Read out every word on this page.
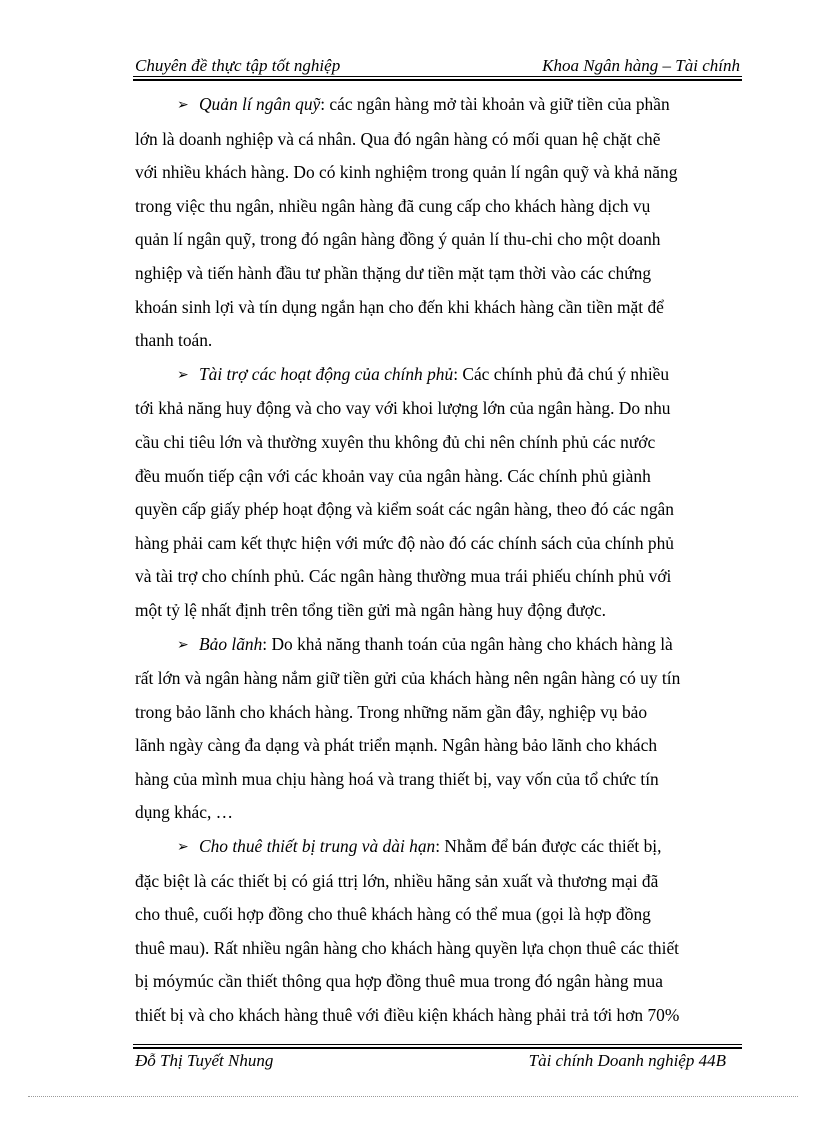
Chuyên đề thực tập tốt nghiệp	Khoa Ngân hàng – Tài chính

➢ Quản lí ngân quỹ: các ngân hàng mở tài khoản và giữ tiền của phần
lớn là doanh nghiệp và cá nhân. Qua đó ngân hàng có mối quan hệ chặt chẽ
với nhiều khách hàng. Do có kinh nghiệm trong quản lí ngân quỹ và khả năng
trong việc thu ngân, nhiều ngân hàng đã cung cấp cho khách hàng dịch vụ
quản lí ngân quỹ, trong đó ngân hàng đồng ý quản lí thu-chi cho một doanh
nghiệp và tiến hành đầu tư phần thặng dư tiền mặt tạm thời vào các chứng
khoán sinh lợi và tín dụng ngắn hạn cho đến khi khách hàng cần tiền mặt để
thanh toán.

➢ Tài trợ các hoạt động của chính phủ: Các chính phủ đả chú ý nhiều
tới khả năng huy động và cho vay với khoi lượng lớn của ngân hàng. Do nhu
cầu chi tiêu lớn và thường xuyên thu không đủ chi nên chính phủ các nước
đều muốn tiếp cận với các khoản vay của ngân hàng. Các chính phủ giành
quyền cấp giấy phép hoạt động và kiểm soát các ngân hàng, theo đó các ngân
hàng phải cam kết thực hiện với mức độ nào đó các chính sách của chính phủ
và tài trợ cho chính phủ. Các ngân hàng thường mua trái phiếu chính phủ với
một tỷ lệ nhất định trên tổng tiền gửi mà ngân hàng huy động được.

➢ Bảo lãnh: Do khả năng thanh toán của ngân hàng cho khách hàng là
rất lớn và ngân hàng nắm giữ tiền gửi của khách hàng nên ngân hàng có uy tín
trong bảo lãnh cho khách hàng. Trong những năm gần đây, nghiệp vụ bảo
lãnh ngày càng đa dạng và phát triển mạnh. Ngân hàng bảo lãnh cho khách
hàng của mình mua chịu hàng hoá và trang thiết bị, vay vốn của tổ chức tín
dụng khác, …

➢ Cho thuê thiết bị trung và dài hạn: Nhằm để bán được các thiết bị,
đặc biệt là các thiết bị có giá ttrị lớn, nhiều hãng sản xuất và thương mại đã
cho thuê, cuối hợp đồng cho thuê khách hàng có thể mua (gọi là hợp đồng
thuê mau). Rất nhiều ngân hàng cho khách hàng quyền lựa chọn thuê các thiết
bị móymúc cần thiết thông qua hợp đồng thuê mua trong đó ngân hàng mua
thiết bị và cho khách hàng thuê với điều kiện khách hàng phải trả tới hơn 70%

Đỗ Thị Tuyết Nhung	Tài chính Doanh nghiệp 44B
